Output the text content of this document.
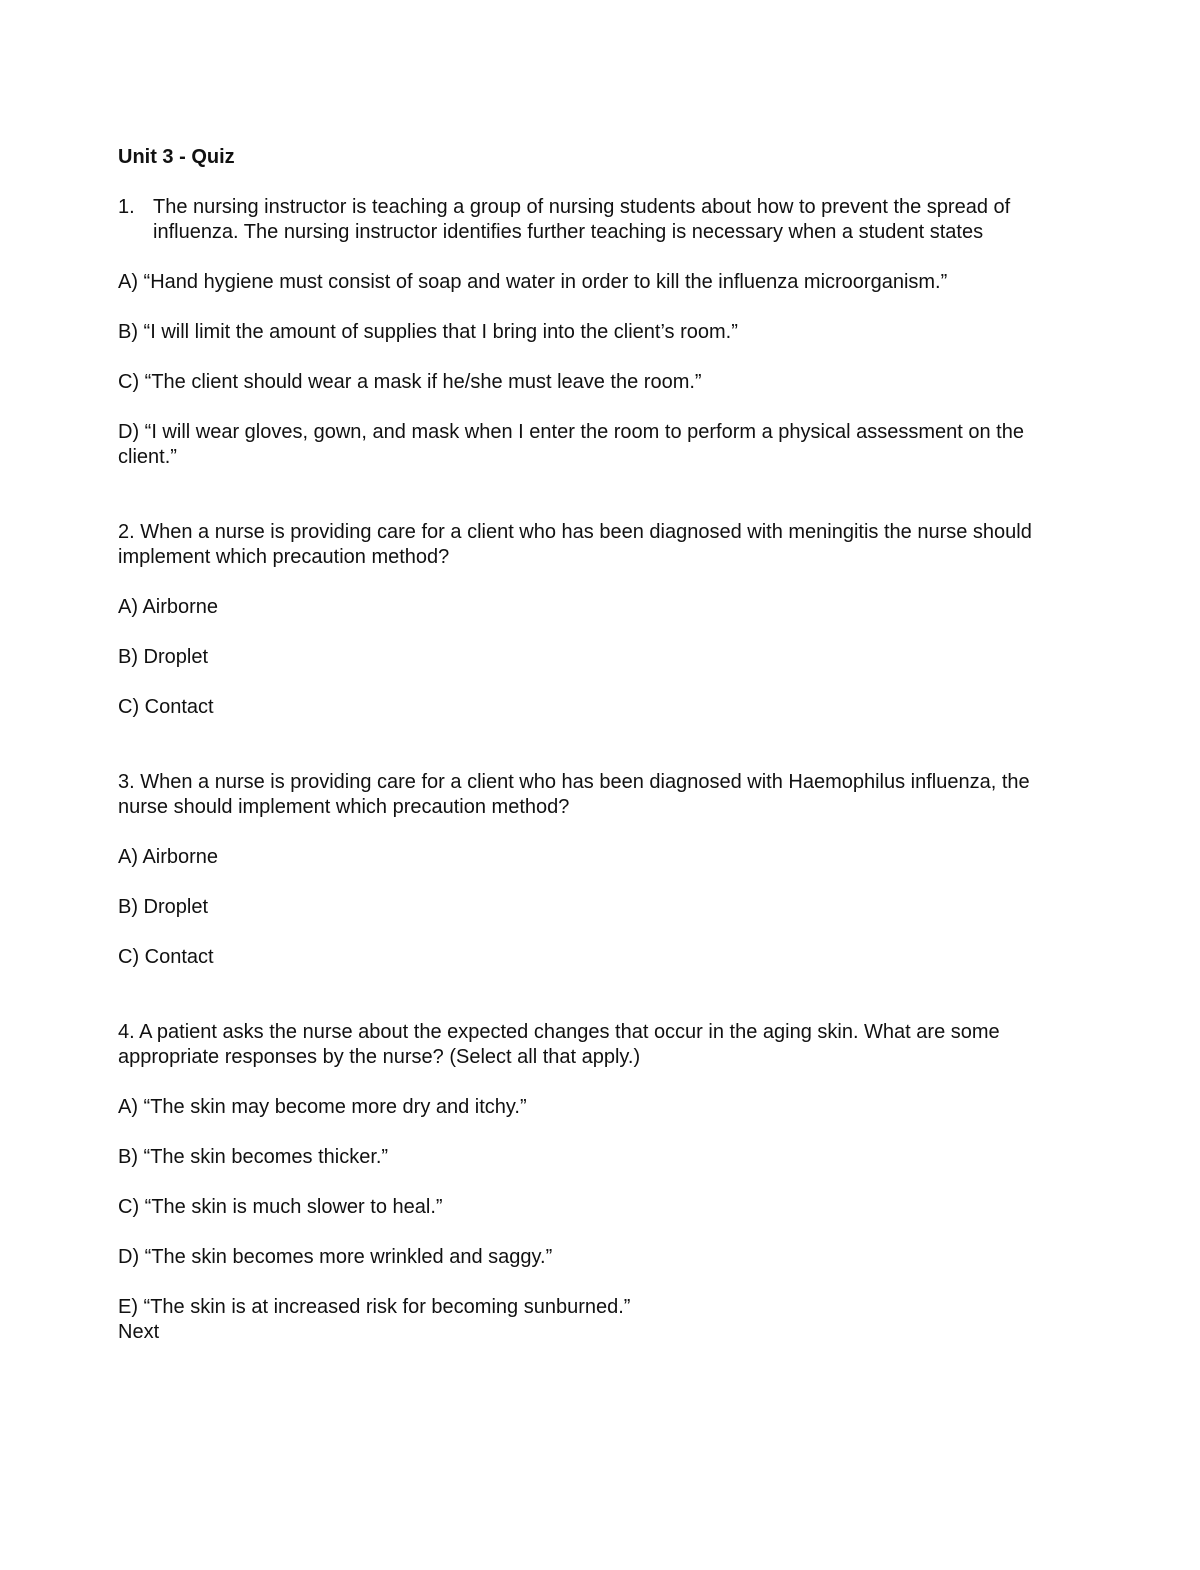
Unit 3 - Quiz
1. The nursing instructor is teaching a group of nursing students about how to prevent the spread of influenza. The nursing instructor identifies further teaching is necessary when a student states
A) “Hand hygiene must consist of soap and water in order to kill the influenza microorganism.”
B) “I will limit the amount of supplies that I bring into the client’s room.”
C) “The client should wear a mask if he/she must leave the room.”
D) “I will wear gloves, gown, and mask when I enter the room to perform a physical assessment on the client.”
2. When a nurse is providing care for a client who has been diagnosed with meningitis the nurse should implement which precaution method?
A) Airborne
B) Droplet
C) Contact
3. When a nurse is providing care for a client who has been diagnosed with Haemophilus influenza, the nurse should implement which precaution method?
A) Airborne
B) Droplet
C) Contact
4. A patient asks the nurse about the expected changes that occur in the aging skin. What are some appropriate responses by the nurse? (Select all that apply.)
A) “The skin may become more dry and itchy.”
B) “The skin becomes thicker.”
C) “The skin is much slower to heal.”
D) “The skin becomes more wrinkled and saggy.”
E) “The skin is at increased risk for becoming sunburned.”
Next
